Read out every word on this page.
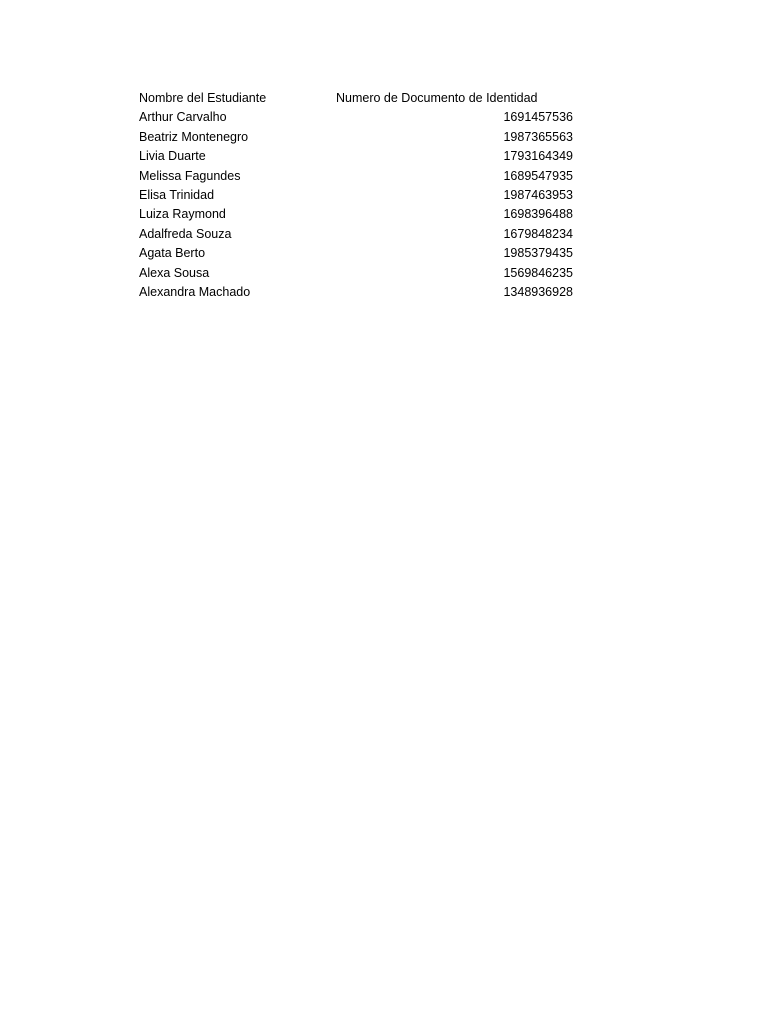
Nombre del Estudiante	Numero de Documento de Identidad
Arthur Carvalho	1691457536
Beatriz Montenegro	1987365563
Livia Duarte	1793164349
Melissa Fagundes	1689547935
Elisa Trinidad	1987463953
Luiza Raymond	1698396488
Adalfreda Souza	1679848234
Agata Berto	1985379435
Alexa Sousa	1569846235
Alexandra Machado	1348936928
